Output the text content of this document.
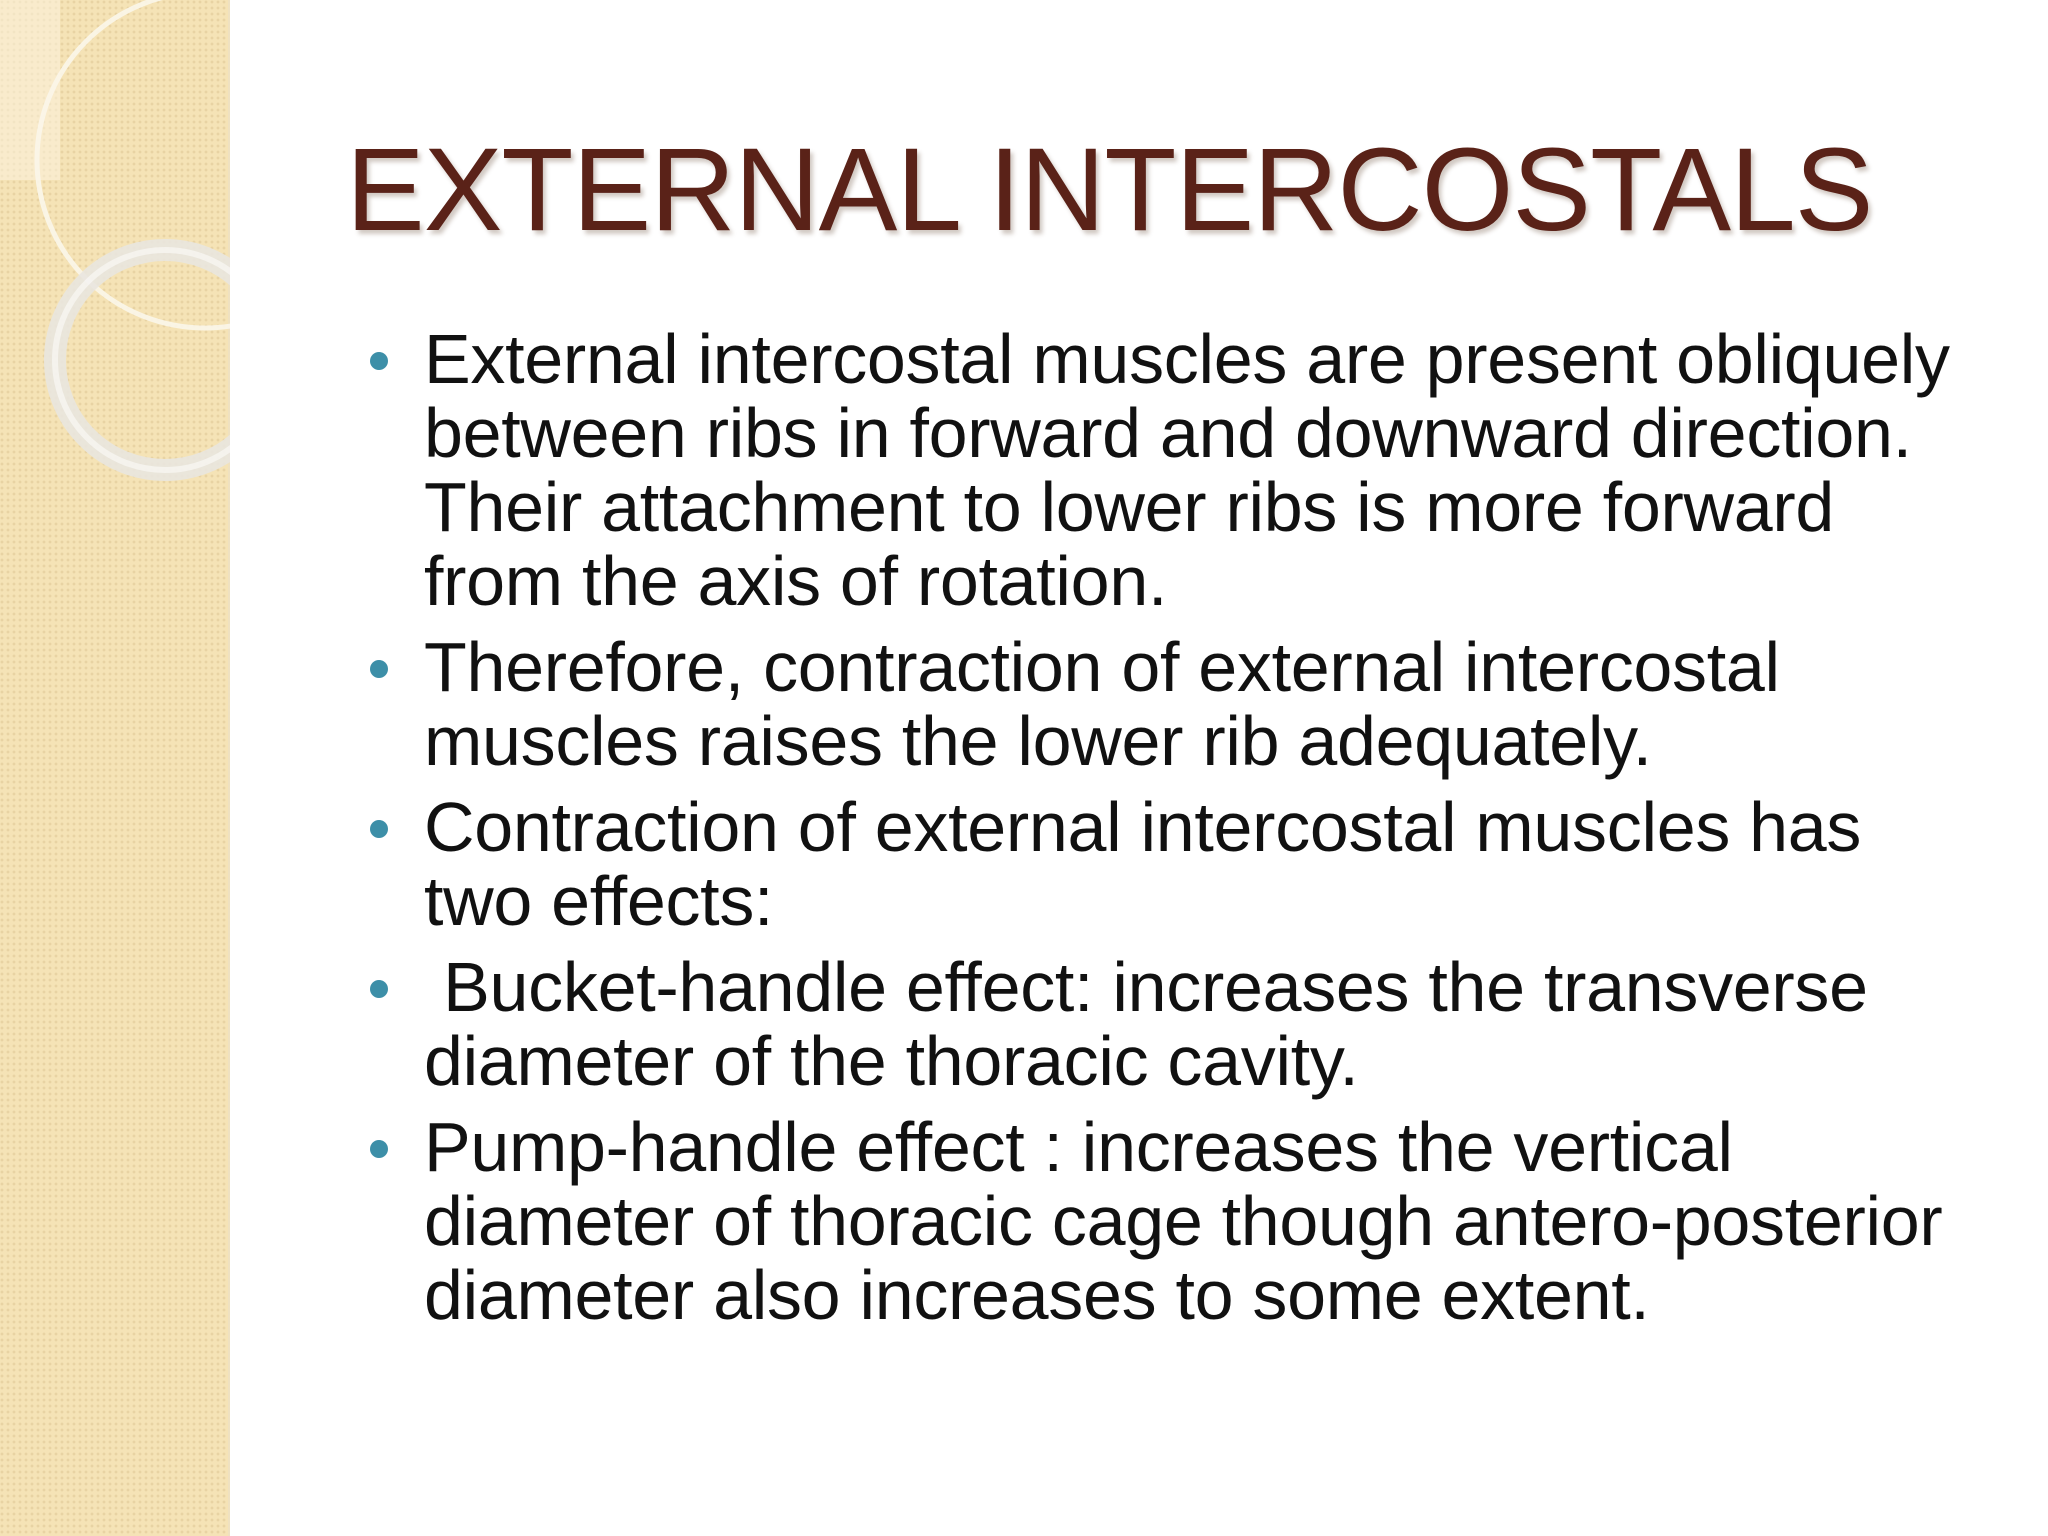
EXTERNAL INTERCOSTALS
External intercostal muscles are present obliquely between ribs in forward and downward direction. Their attachment to lower ribs is more forward from the axis of rotation.
Therefore, contraction of external intercostal muscles raises the lower rib adequately.
Contraction of external intercostal muscles has two effects:
Bucket-handle effect: increases the transverse diameter of the thoracic cavity.
Pump-handle effect : increases the vertical diameter of thoracic cage though antero-posterior diameter also increases to some extent.
